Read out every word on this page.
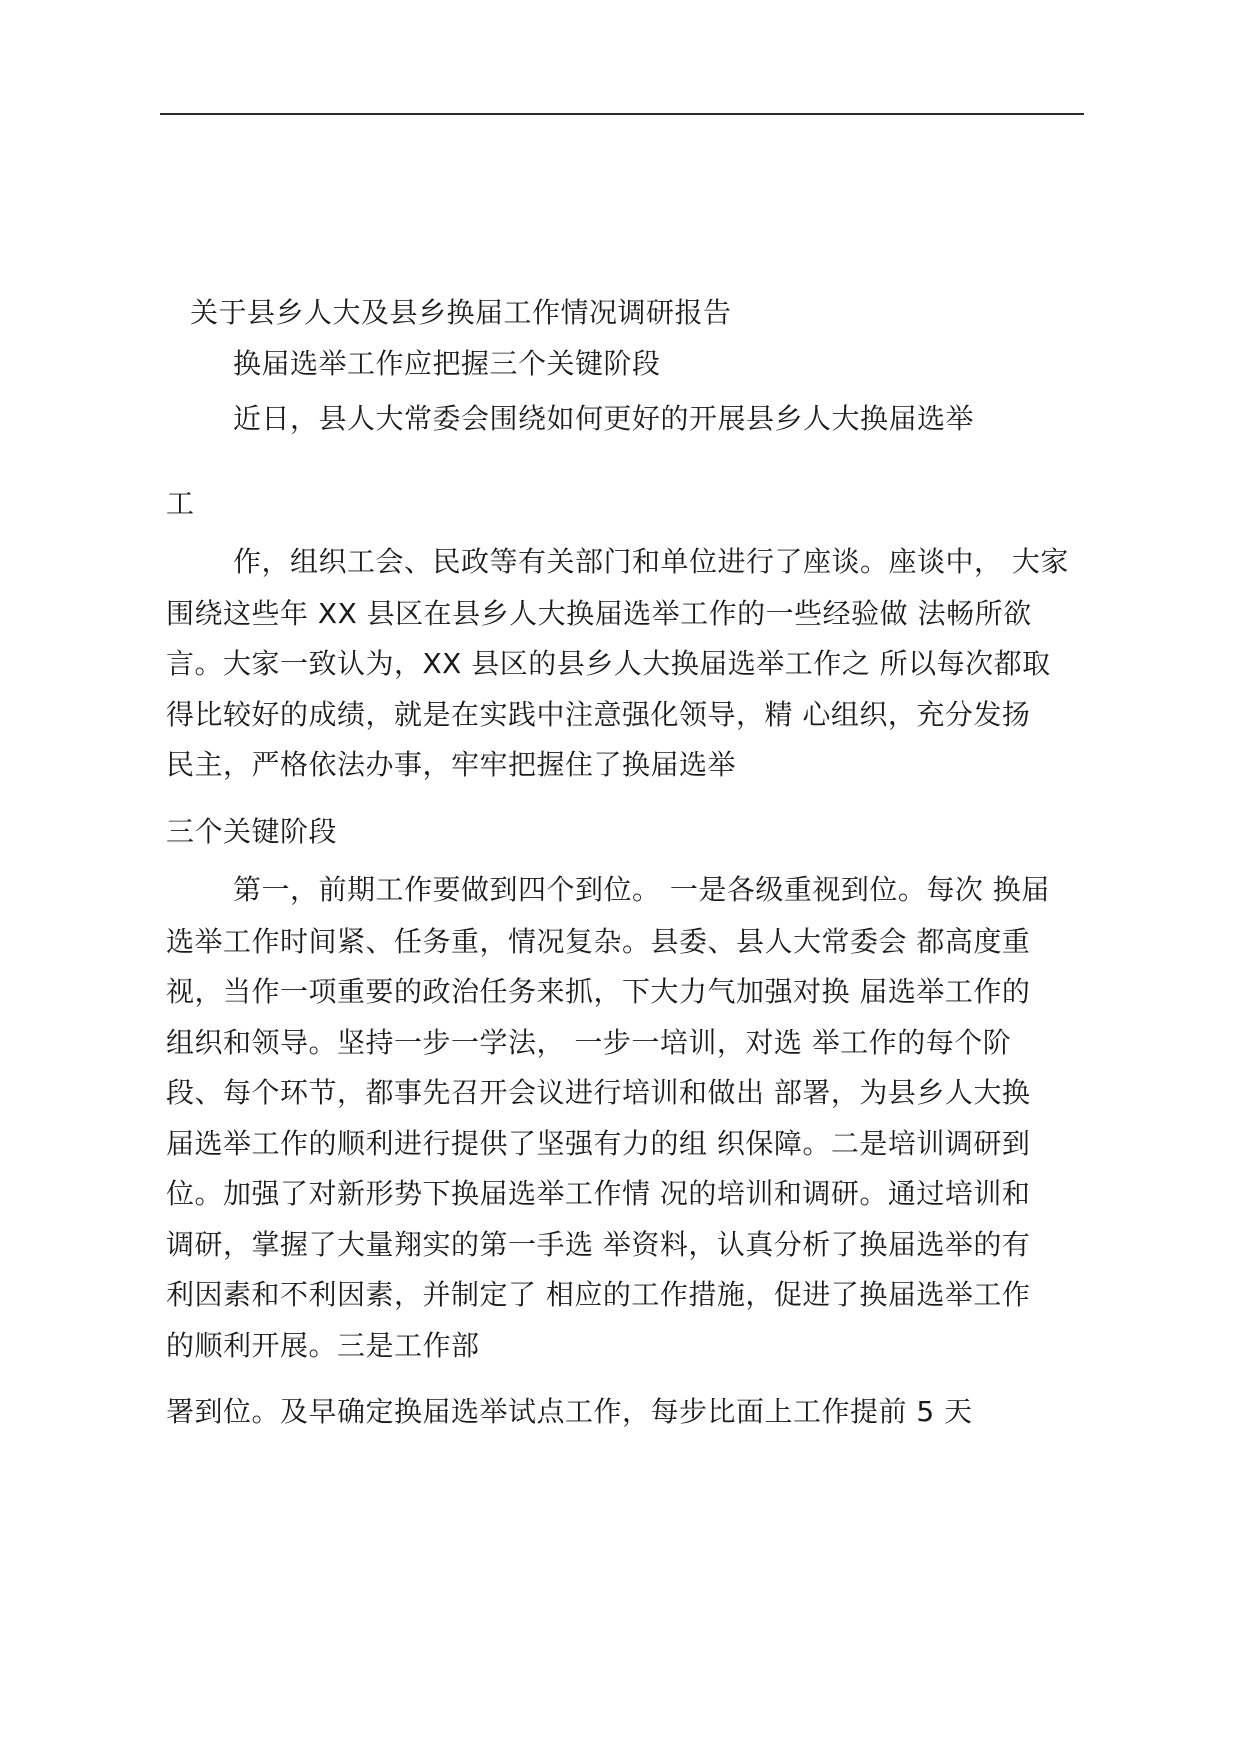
关于县乡人大及县乡换届工作情况调研报告
换届选举工作应把握三个关键阶段
近日，县人大常委会围绕如何更好的开展县乡人大换届选举
工
作，组织工会、民政等有关部门和单位进行了座谈。座谈中， 大家
围绕这些年 XX 县区在县乡人大换届选举工作的一些经验做 法畅所欲
言。大家一致认为，XX 县区的县乡人大换届选举工作之 所以每次都取
得比较好的成绩，就是在实践中注意强化领导，精 心组织，充分发扬
民主，严格依法办事，牢牢把握住了换届选举
三个关键阶段
第一，前期工作要做到四个到位。 一是各级重视到位。每次 换届
选举工作时间紧、任务重，情况复杂。县委、县人大常委会 都高度重
视，当作一项重要的政治任务来抓，下大力气加强对换 届选举工作的
组织和领导。坚持一步一学法， 一步一培训，对选 举工作的每个阶
段、每个环节，都事先召开会议进行培训和做出 部署，为县乡人大换
届选举工作的顺利进行提供了坚强有力的组 织保障。二是培训调研到
位。加强了对新形势下换届选举工作情 况的培训和调研。通过培训和
调研，掌握了大量翔实的第一手选 举资料，认真分析了换届选举的有
利因素和不利因素，并制定了 相应的工作措施，促进了换届选举工作
的顺利开展。三是工作部
署到位。及早确定换届选举试点工作，每步比面上工作提前 5 天
